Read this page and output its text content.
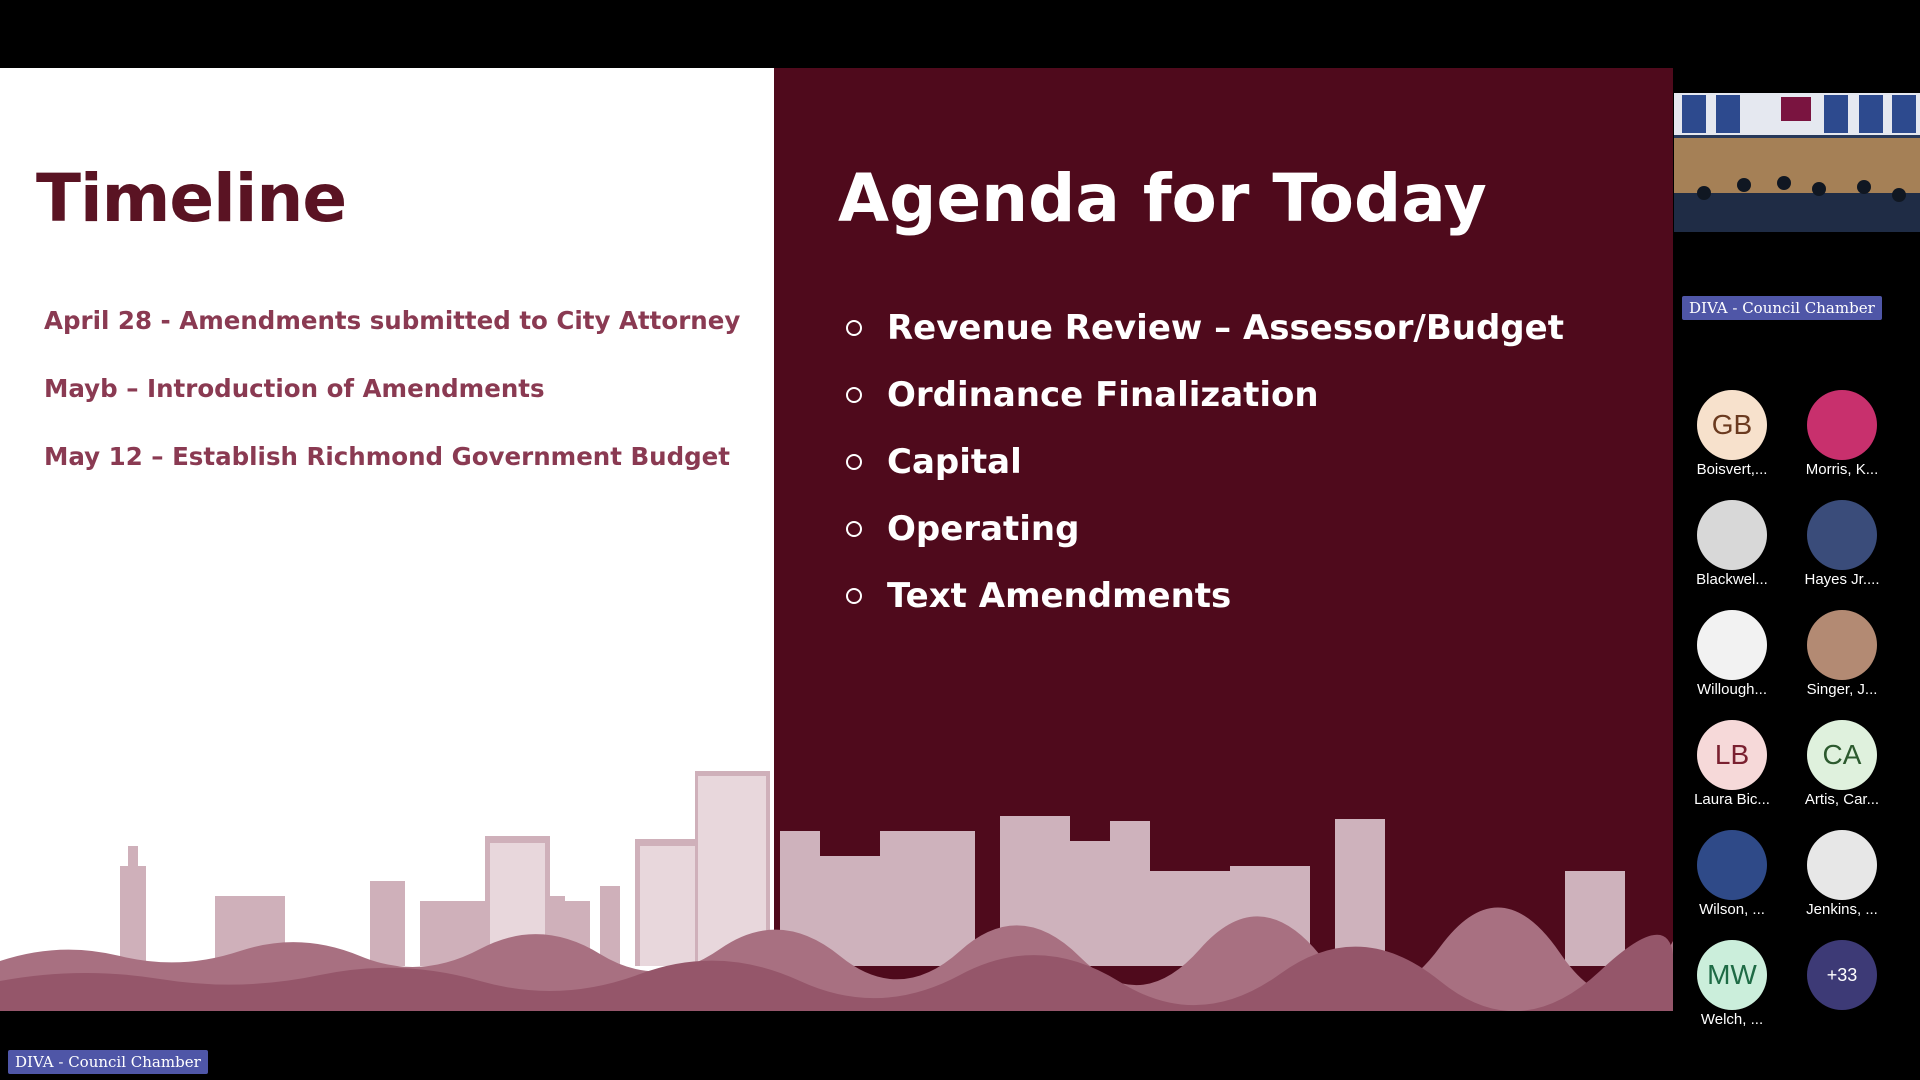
Timeline
April 28 - Amendments submitted to City Attorney
Mayb – Introduction of Amendments
May 12 – Establish Richmond Government Budget
Agenda for Today
Revenue Review – Assessor/Budget
Ordinance Finalization
Capital
Operating
Text Amendments
DIVA - Council Chamber
GB
Boisvert,...	Morris, K...
Blackwel...	Hayes Jr....
Willough...	Singer, J...
LB
Laura Bic...
CA
Artis, Car...
Wilson, ...	Jenkins, ...
MW
Welch, ...
+33
DIVA - Council Chamber
